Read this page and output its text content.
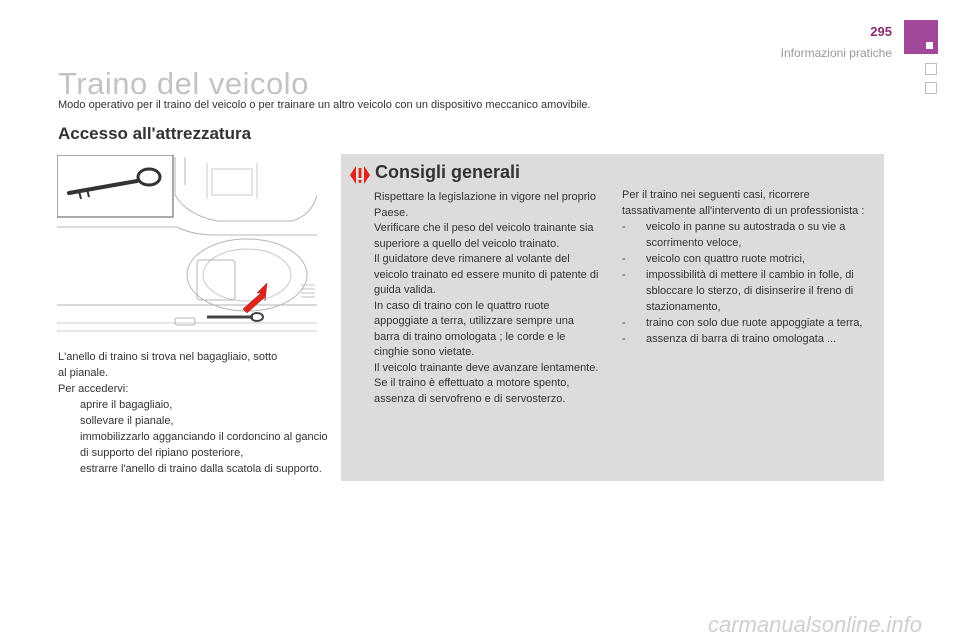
295
Informazioni pratiche
Traino del veicolo
Modo operativo per il traino del veicolo o per trainare un altro veicolo con un dispositivo meccanico amovibile.
Accesso all'attrezzatura

L'anello di traino si trova nel bagagliaio, sotto

al pianale.

Per accedervi:

aprire il bagagliaio,

sollevare il pianale,

immobilizzarlo agganciando il cordoncino al gancio di supporto del ripiano posteriore,

estrarre l'anello di traino dalla scatola di supporto.

Consigli generali

Rispettare la legislazione in vigore nel proprio Paese.

Verificare che il peso del veicolo trainante sia superiore a quello del veicolo trainato.

Il guidatore deve rimanere al volante del veicolo trainato ed essere munito di patente di guida valida.

In caso di traino con le quattro ruote appoggiate a terra, utilizzare sempre una barra di traino omologata ; le corde e le cinghie sono vietate.

Il veicolo trainante deve avanzare lentamente.

Se il traino è effettuato a motore spento, assenza di servofreno e di servosterzo.

Per il traino nei seguenti casi, ricorrere tassativamente all'intervento di un professionista :

- veicolo in panne su autostrada o su vie a scorrimento veloce,

- veicolo con quattro ruote motrici,

- impossibilità di mettere il cambio in folle, di sbloccare lo sterzo, di disinserire il freno di stazionamento,

- traino con solo due ruote appoggiate a terra,

- assenza di barra di traino omologata ...

carmanualsonline.info
